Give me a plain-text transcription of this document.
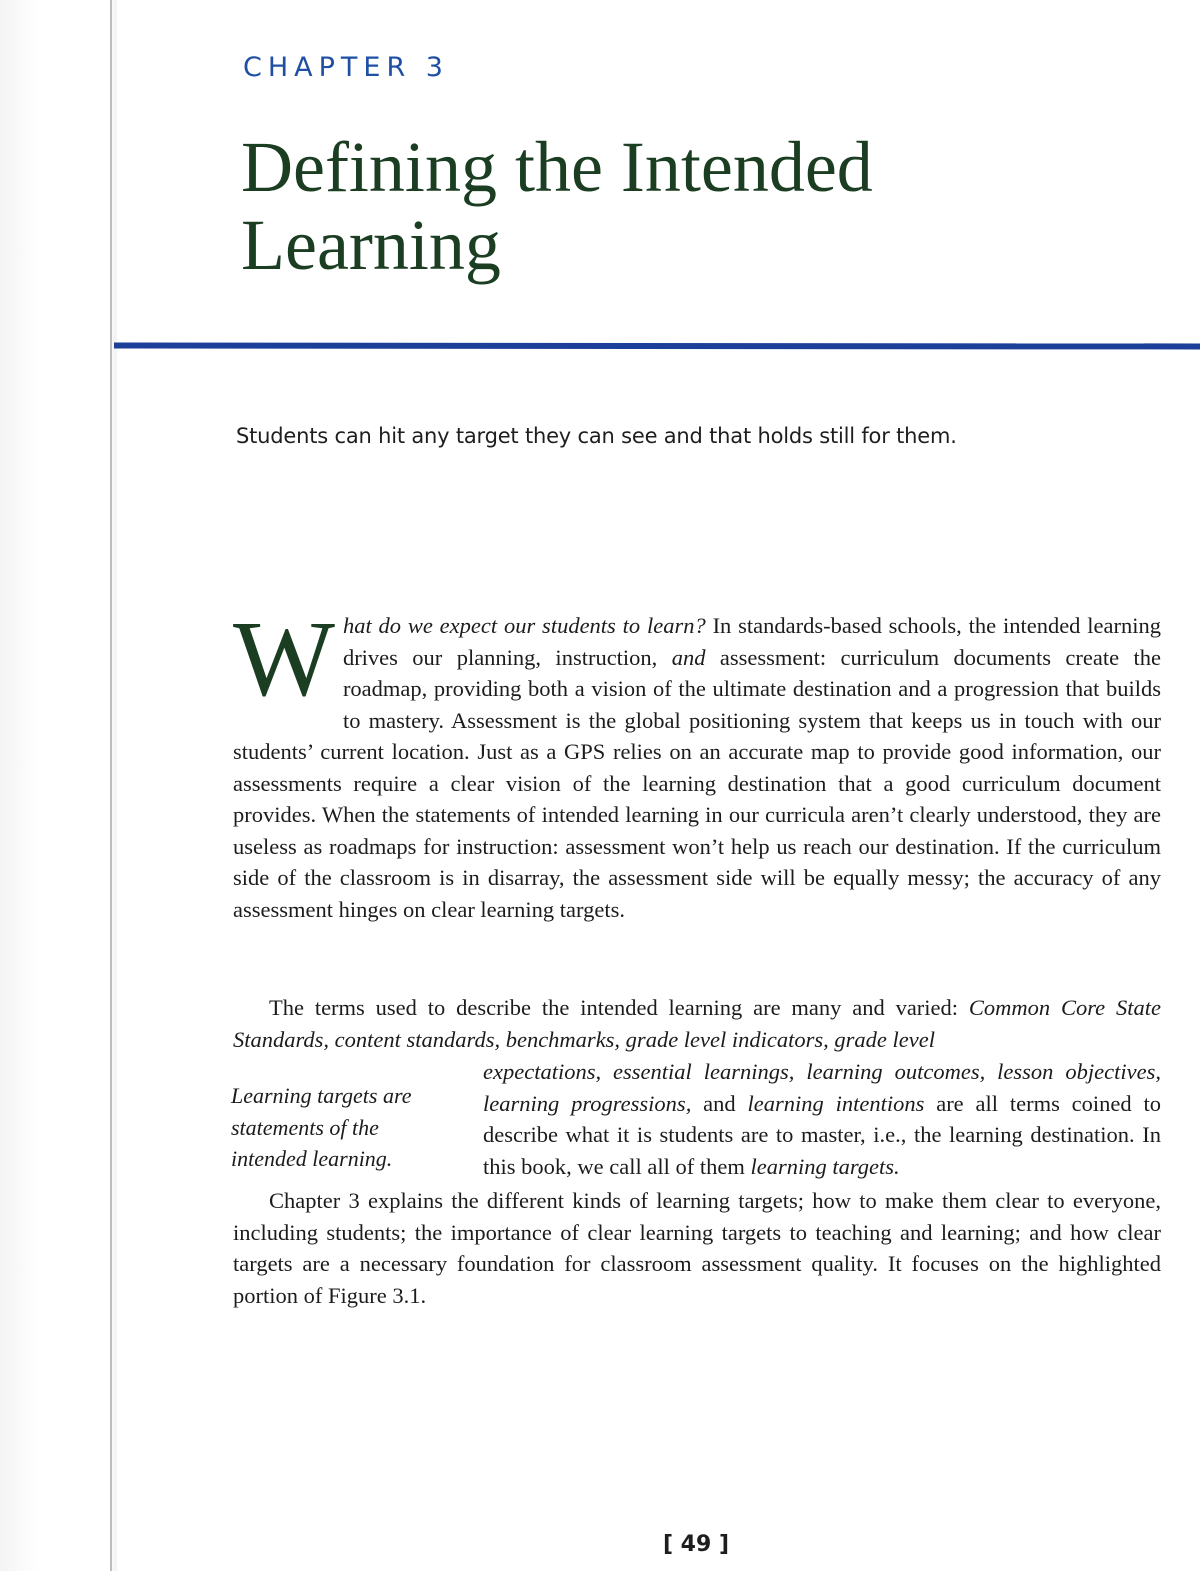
CHAPTER 3
Defining the Intended Learning
Students can hit any target they can see and that holds still for them.

What do we expect our students to learn? In standards-based schools, the intended learning drives our planning, instruction, and assessment: curriculum documents create the roadmap, providing both a vision of the ultimate destination and a progression that builds to mastery. Assessment is the global positioning system that keeps us in touch with our students’ current location. Just as a GPS relies on an accurate map to provide good information, our assessments require a clear vision of the learning destination that a good curriculum document provides. When the statements of intended learning in our curricula aren’t clearly understood, they are useless as roadmaps for instruction: assessment won’t help us reach our destination. If the curriculum side of the classroom is in disarray, the assessment side will be equally messy; the accuracy of any assessment hinges on clear learning targets.

The terms used to describe the intended learning are many and varied: Common Core State Standards, content standards, benchmarks, grade level indicators, grade level

Learning targets are statements of the intended learning.

expectations, essential learnings, learning outcomes, lesson objectives, learning progressions, and learning intentions are all terms coined to describe what it is students are to master, i.e., the learning destination. In this book, we call all of them learning targets.

Chapter 3 explains the different kinds of learning targets; how to make them clear to everyone, including students; the importance of clear learning targets to teaching and learning; and how clear targets are a necessary foundation for classroom assessment quality. It focuses on the highlighted portion of Figure 3.1.

[ 49 ]
